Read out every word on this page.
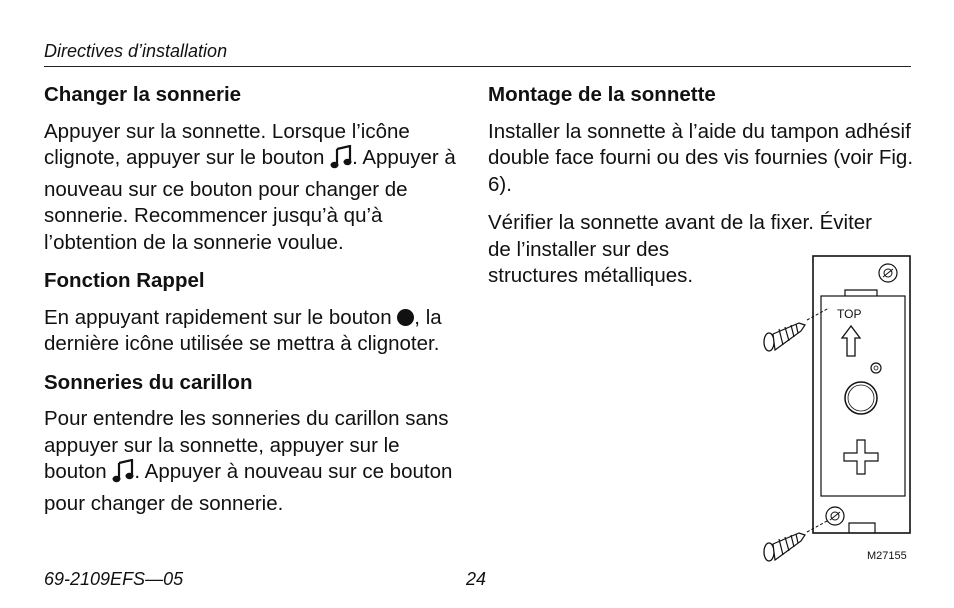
Directives d’installation
Changer la sonnerie

Appuyer sur la sonnette. Lorsque l’icône clignote, appuyer sur le bouton . Appuyer à nouveau sur ce bouton pour changer de sonnerie. Recommencer jusqu’à qu’à l’obtention de la sonnerie voulue.

Fonction Rappel

En appuyant rapidement sur le bouton , la dernière icône utilisée se mettra à clignoter.

Sonneries du carillon

Pour entendre les sonneries du carillon sans appuyer sur la sonnette, appuyer sur le bouton . Appuyer à nouveau sur ce bouton pour changer de sonnerie.

Montage de la sonnette

Installer la sonnette à l’aide du tampon adhésif double face fourni ou des vis fournies (voir Fig. 6).

Vérifier la sonnette avant de la fixer. Éviter
de l’installer sur des
structures métalliques.

TOP
M27155
69-2109EFS—05	24
